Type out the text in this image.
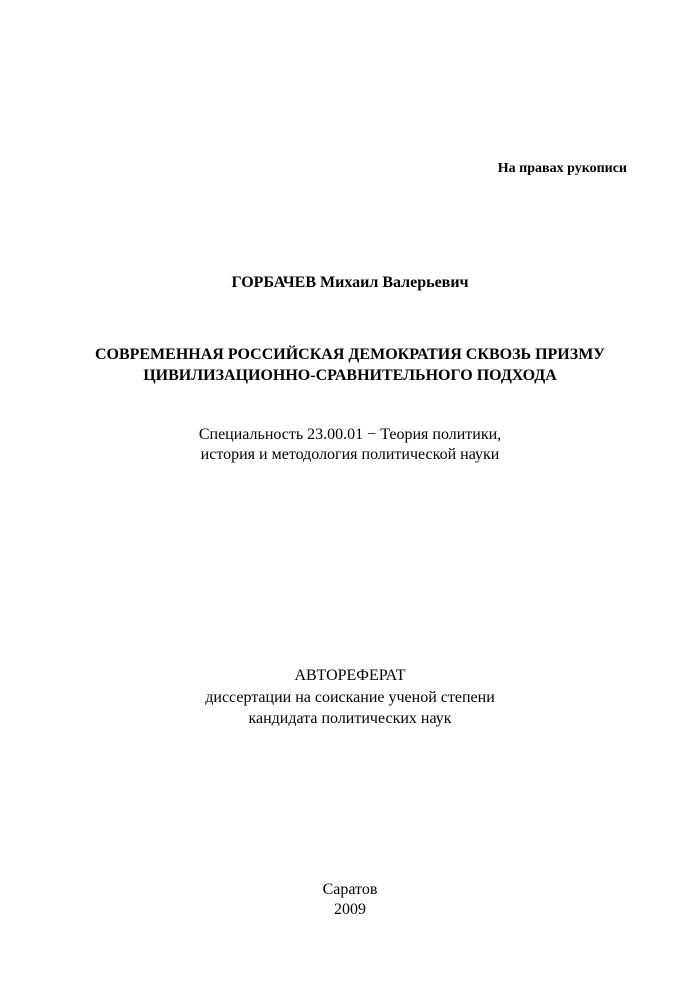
На правах рукописи
ГОРБАЧЕВ Михаил Валерьевич
СОВРЕМЕННАЯ РОССИЙСКАЯ ДЕМОКРАТИЯ СКВОЗЬ ПРИЗМУ
ЦИВИЛИЗАЦИОННО-СРАВНИТЕЛЬНОГО ПОДХОДА
Специальность 23.00.01 − Теория политики,
история и методология политической науки
АВТОРЕФЕРАТ
диссертации на соискание ученой степени
кандидата политических наук
Саратов
2009
